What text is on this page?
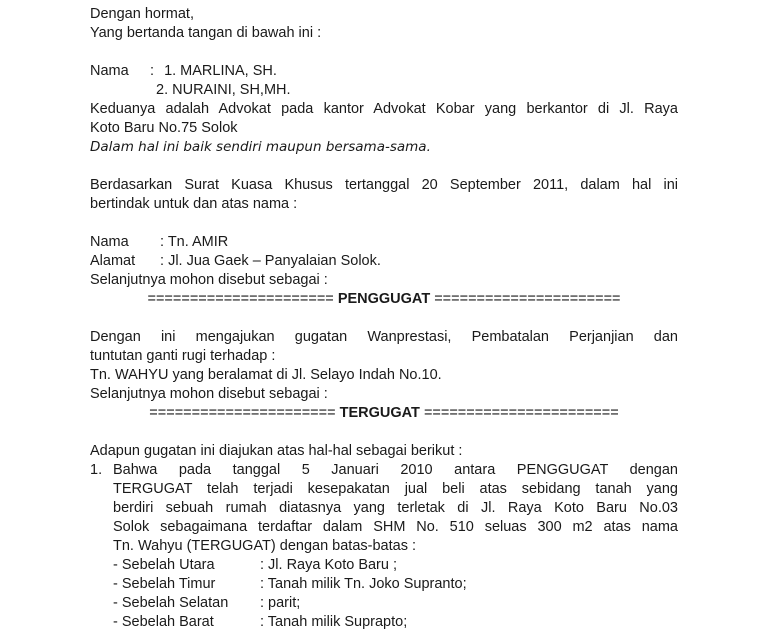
Dengan hormat,
Yang bertanda tangan di bawah ini :
Nama : 1. MARLINA, SH.
2. NURAINI, SH,MH.
Keduanya adalah Advokat pada kantor Advokat Kobar yang berkantor di Jl. Raya
Koto Baru No.75 Solok
Dalam hal ini baik sendiri maupun bersama-sama.
Berdasarkan Surat Kuasa Khusus tertanggal 20 September 2011, dalam hal ini
bertindak untuk dan atas nama :
Nama : Tn. AMIR
Alamat : Jl. Jua Gaek – Panyalaian Solok.
Selanjutnya mohon disebut sebagai :
====================== PENGGUGAT ======================
Dengan ini mengajukan gugatan Wanprestasi, Pembatalan Perjanjian dan
tuntutan ganti rugi terhadap :
Tn. WAHYU yang beralamat di Jl. Selayo Indah No.10.
Selanjutnya mohon disebut sebagai :
====================== TERGUGAT =======================
Adapun gugatan ini diajukan atas hal-hal sebagai berikut :
1. Bahwa pada tanggal 5 Januari 2010 antara PENGGUGAT dengan
TERGUGAT telah terjadi kesepakatan jual beli atas sebidang tanah yang
berdiri sebuah rumah diatasnya yang terletak di Jl. Raya Koto Baru No.03
Solok sebagaimana terdaftar dalam SHM No. 510 seluas 300 m2 atas nama
Tn. Wahyu (TERGUGAT) dengan batas-batas :
- Sebelah Utara	: Jl. Raya Koto Baru ;
- Sebelah Timur	: Tanah milik Tn. Joko Supranto;
- Sebelah Selatan : parit;
- Sebelah Barat	: Tanah milik Suprapto;
